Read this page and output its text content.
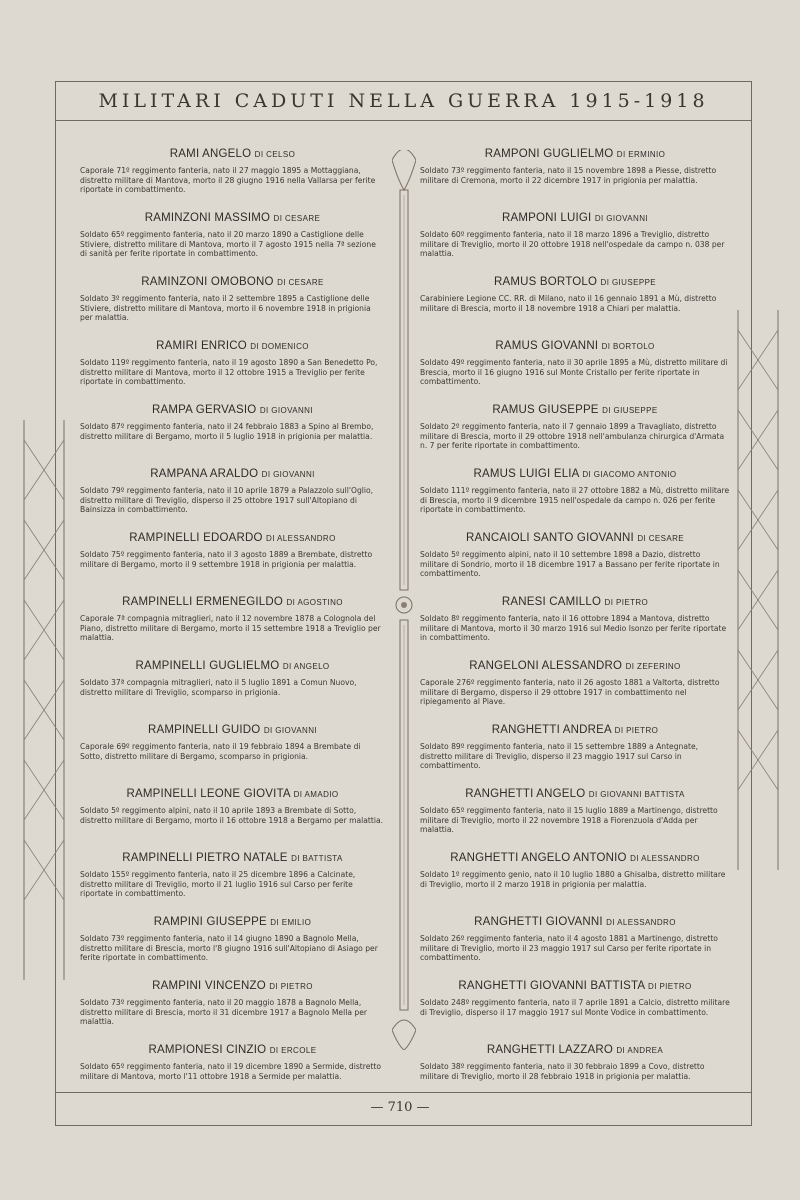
MILITARI CADUTI NELLA GUERRA 1915-1918

RAMI ANGELO DI CELSO

Caporale 71º reggimento fanteria, nato il 27 maggio 1895 a Mottaggiana, distretto militare di Mantova, morto il 28 giugno 1916 nella Vallarsa per ferite riportate in combattimento.

RAMINZONI MASSIMO DI CESARE

Soldato 65º reggimento fanteria, nato il 20 marzo 1890 a Castiglione delle Stiviere, distretto militare di Mantova, morto il 7 agosto 1915 nella 7ª sezione di sanità per ferite riportate in combattimento.

RAMINZONI OMOBONO DI CESARE

Soldato 3º reggimento fanteria, nato il 2 settembre 1895 a Castiglione delle Stiviere, distretto militare di Mantova, morto il 6 novembre 1918 in prigionia per malattia.

RAMIRI ENRICO DI DOMENICO

Soldato 119º reggimento fanteria, nato il 19 agosto 1890 a San Benedetto Po, distretto militare di Mantova, morto il 12 ottobre 1915 a Treviglio per ferite riportate in combattimento.

RAMPA GERVASIO DI GIOVANNI

Soldato 87º reggimento fanteria, nato il 24 febbraio 1883 a Spino al Brembo, distretto militare di Bergamo, morto il 5 luglio 1918 in prigionia per malattia.

RAMPANA ARALDO DI GIOVANNI

Soldato 79º reggimento fanteria, nato il 10 aprile 1879 a Palazzolo sull'Oglio, distretto militare di Treviglio, disperso il 25 ottobre 1917 sull'Altopiano di Bainsizza in combattimento.

RAMPINELLI EDOARDO DI ALESSANDRO

Soldato 75º reggimento fanteria, nato il 3 agosto 1889 a Brembate, distretto militare di Bergamo, morto il 9 settembre 1918 in prigionia per malattia.

RAMPINELLI ERMENEGILDO DI AGOSTINO

Caporale 7ª compagnia mitraglieri, nato il 12 novembre 1878 a Colognola del Piano, distretto militare di Bergamo, morto il 15 settembre 1918 a Treviglio per malattia.

RAMPINELLI GUGLIELMO DI ANGELO

Soldato 37ª compagnia mitraglieri, nato il 5 luglio 1891 a Comun Nuovo, distretto militare di Treviglio, scomparso in prigionia.

RAMPINELLI GUIDO DI GIOVANNI

Caporale 69º reggimento fanteria, nato il 19 febbraio 1894 a Brembate di Sotto, distretto militare di Bergamo, scomparso in prigionia.

RAMPINELLI LEONE GIOVITA DI AMADIO

Soldato 5º reggimento alpini, nato il 10 aprile 1893 a Brembate di Sotto, distretto militare di Bergamo, morto il 16 ottobre 1918 a Bergamo per malattia.

RAMPINELLI PIETRO NATALE DI BATTISTA

Soldato 155º reggimento fanteria, nato il 25 dicembre 1896 a Calcinate, distretto militare di Treviglio, morto il 21 luglio 1916 sul Carso per ferite riportate in combattimento.

RAMPINI GIUSEPPE DI EMILIO

Soldato 73º reggimento fanteria, nato il 14 giugno 1890 a Bagnolo Mella, distretto militare di Brescia, morto l'8 giugno 1916 sull'Altopiano di Asiago per ferite riportate in combattimento.

RAMPINI VINCENZO DI PIETRO

Soldato 73º reggimento fanteria, nato il 20 maggio 1878 a Bagnolo Mella, distretto militare di Brescia, morto il 31 dicembre 1917 a Bagnolo Mella per malattia.

RAMPIONESI CINZIO DI ERCOLE

Soldato 65º reggimento fanteria, nato il 19 dicembre 1890 a Sermide, distretto militare di Mantova, morto l'11 ottobre 1918 a Sermide per malattia.

RAMPONI GUGLIELMO DI ERMINIO

Soldato 73º reggimento fanteria, nato il 15 novembre 1898 a Piesse, distretto militare di Cremona, morto il 22 dicembre 1917 in prigionia per malattia.

RAMPONI LUIGI DI GIOVANNI

Soldato 60º reggimento fanteria, nato il 18 marzo 1896 a Treviglio, distretto militare di Treviglio, morto il 20 ottobre 1918 nell'ospedale da campo n. 038 per malattia.

RAMUS BORTOLO DI GIUSEPPE

Carabiniere Legione CC. RR. di Milano, nato il 16 gennaio 1891 a Mù, distretto militare di Brescia, morto il 18 novembre 1918 a Chiari per malattia.

RAMUS GIOVANNI DI BORTOLO

Soldato 49º reggimento fanteria, nato il 30 aprile 1895 a Mù, distretto militare di Brescia, morto il 16 giugno 1916 sul Monte Cristallo per ferite riportate in combattimento.

RAMUS GIUSEPPE DI GIUSEPPE

Soldato 2º reggimento fanteria, nato il 7 gennaio 1899 a Travagliato, distretto militare di Brescia, morto il 29 ottobre 1918 nell'ambulanza chirurgica d'Armata n. 7 per ferite riportate in combattimento.

RAMUS LUIGI ELIA DI GIACOMO ANTONIO

Soldato 111º reggimento fanteria, nato il 27 ottobre 1882 a Mù, distretto militare di Brescia, morto il 9 dicembre 1915 nell'ospedale da campo n. 026 per ferite riportate in combattimento.

RANCAIOLI SANTO GIOVANNI DI CESARE

Soldato 5º reggimento alpini, nato il 10 settembre 1898 a Dazio, distretto militare di Sondrio, morto il 18 dicembre 1917 a Bassano per ferite riportate in combattimento.

RANESI CAMILLO DI PIETRO

Soldato 8º reggimento fanteria, nato il 16 ottobre 1894 a Mantova, distretto militare di Mantova, morto il 30 marzo 1916 sul Medio Isonzo per ferite riportate in combattimento.

RANGELONI ALESSANDRO DI ZEFERINO

Caporale 276º reggimento fanteria, nato il 26 agosto 1881 a Valtorta, distretto militare di Bergamo, disperso il 29 ottobre 1917 in combattimento nel ripiegamento al Piave.

RANGHETTI ANDREA DI PIETRO

Soldato 89º reggimento fanteria, nato il 15 settembre 1889 a Antegnate, distretto militare di Treviglio, disperso il 23 maggio 1917 sul Carso in combattimento.

RANGHETTI ANGELO DI GIOVANNI BATTISTA

Soldato 65º reggimento fanteria, nato il 15 luglio 1889 a Martinengo, distretto militare di Treviglio, morto il 22 novembre 1918 a Fiorenzuola d'Adda per malattia.

RANGHETTI ANGELO ANTONIO DI ALESSANDRO

Soldato 1º reggimento genio, nato il 10 luglio 1880 a Ghisalba, distretto militare di Treviglio, morto il 2 marzo 1918 in prigionia per malattia.

RANGHETTI GIOVANNI DI ALESSANDRO

Soldato 26º reggimento fanteria, nato il 4 agosto 1881 a Martinengo, distretto militare di Treviglio, morto il 23 maggio 1917 sul Carso per ferite riportate in combattimento.

RANGHETTI GIOVANNI BATTISTA DI PIETRO

Soldato 248º reggimento fanteria, nato il 7 aprile 1891 a Calcio, distretto militare di Treviglio, disperso il 17 maggio 1917 sul Monte Vodice in combattimento.

RANGHETTI LAZZARO DI ANDREA

Soldato 38º reggimento fanteria, nato il 30 febbraio 1899 a Covo, distretto militare di Treviglio, morto il 28 febbraio 1918 in prigionia per malattia.

— 710 —
